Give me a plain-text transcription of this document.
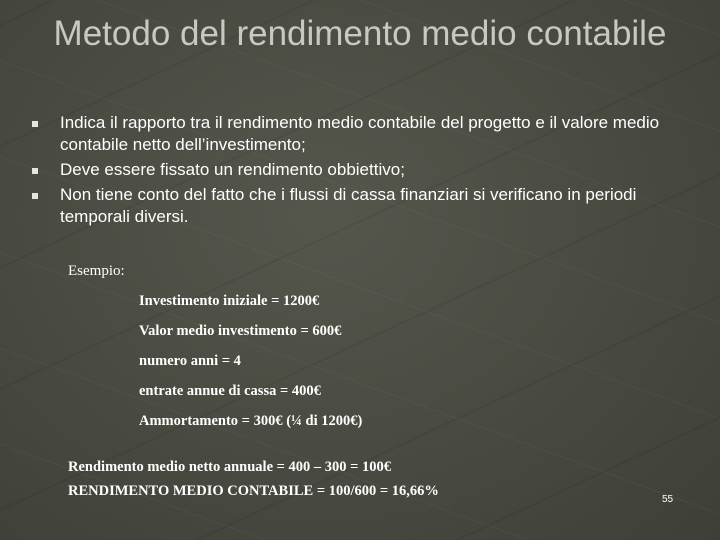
Metodo del rendimento medio contabile
Indica il rapporto tra il rendimento medio contabile del progetto e il valore medio contabile netto dell’investimento;
Deve essere fissato un rendimento obbiettivo;
Non tiene conto del fatto che i flussi di cassa finanziari si verificano in periodi temporali diversi.
Esempio:
Investimento iniziale = 1200€
Valor medio investimento = 600€
numero anni = 4
entrate annue di cassa = 400€
Ammortamento = 300€ (¼ di 1200€)
Rendimento medio netto annuale = 400 – 300 = 100€
RENDIMENTO MEDIO CONTABILE = 100/600 = 16,66%
55
